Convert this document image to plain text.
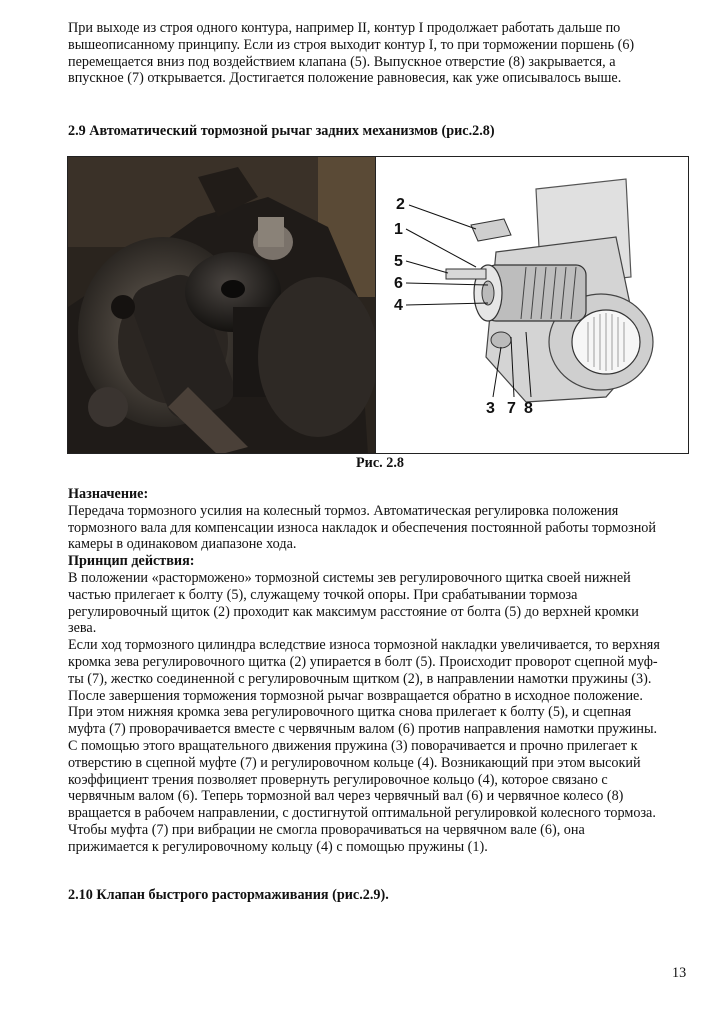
При выходе из строя одного контура, например II, контур I продолжает работать дальше по
вышеописанному принципу. Если из строя выходит контур I, то при торможении поршень (6)
перемещается вниз под воздействием клапана (5). Выпускное отверстие (8) закрывается, а
впускное (7) открывается. Достигается положение равновесия, как уже описывалось выше.
2.9 Автоматический тормозной рычаг задних механизмов (рис.2.8)
2
1
5
6
4
3 7 8
Рис. 2.8
Назначение:
Передача тормозного усилия на колесный тормоз. Автоматическая регулировка положения
тормозного вала для компенсации износа накладок и обеспечения постоянной работы тормозной
камеры в одинаковом диапазоне хода.
Принцип действия:
В положении «расторможено» тормозной системы зев регулировочного щитка своей нижней
частью прилегает к болту (5), служащему точкой опоры. При срабатывании тормоза
регулировочный щиток (2) проходит как максимум расстояние от болта (5) до верхней кромки
зева.
Если ход тормозного цилиндра вследствие износа тормозной накладки увеличивается, то верхняя
кромка зева регулировочного щитка (2) упирается в болт (5). Происходит проворот сцепной муф-
ты (7), жестко соединенной с регулировочным щитком (2), в направлении намотки пружины (3).
После завершения торможения тормозной рычаг возвращается обратно в исходное положение.
При этом нижняя кромка зева регулировочного щитка снова прилегает к болту (5), и сцепная
муфта (7) проворачивается вместе с червячным валом (6) против направления намотки пружины.
С помощью этого вращательного движения пружина (3) поворачивается и прочно прилегает к
отверстию в сцепной муфте (7) и регулировочном кольце (4). Возникающий при этом высокий
коэффициент трения позволяет провернуть регулировочное кольцо (4), которое связано с
червячным валом (6). Теперь тормозной вал через червячный вал (6) и червячное колесо (8)
вращается в рабочем направлении, с достигнутой оптимальной регулировкой колесного тормоза.
Чтобы муфта (7) при вибрации не смогла проворачиваться на червячном вале (6), она
прижимается к регулировочному кольцу (4) с помощью пружины (1).
2.10 Клапан быстрого растормаживания (рис.2.9).
13
